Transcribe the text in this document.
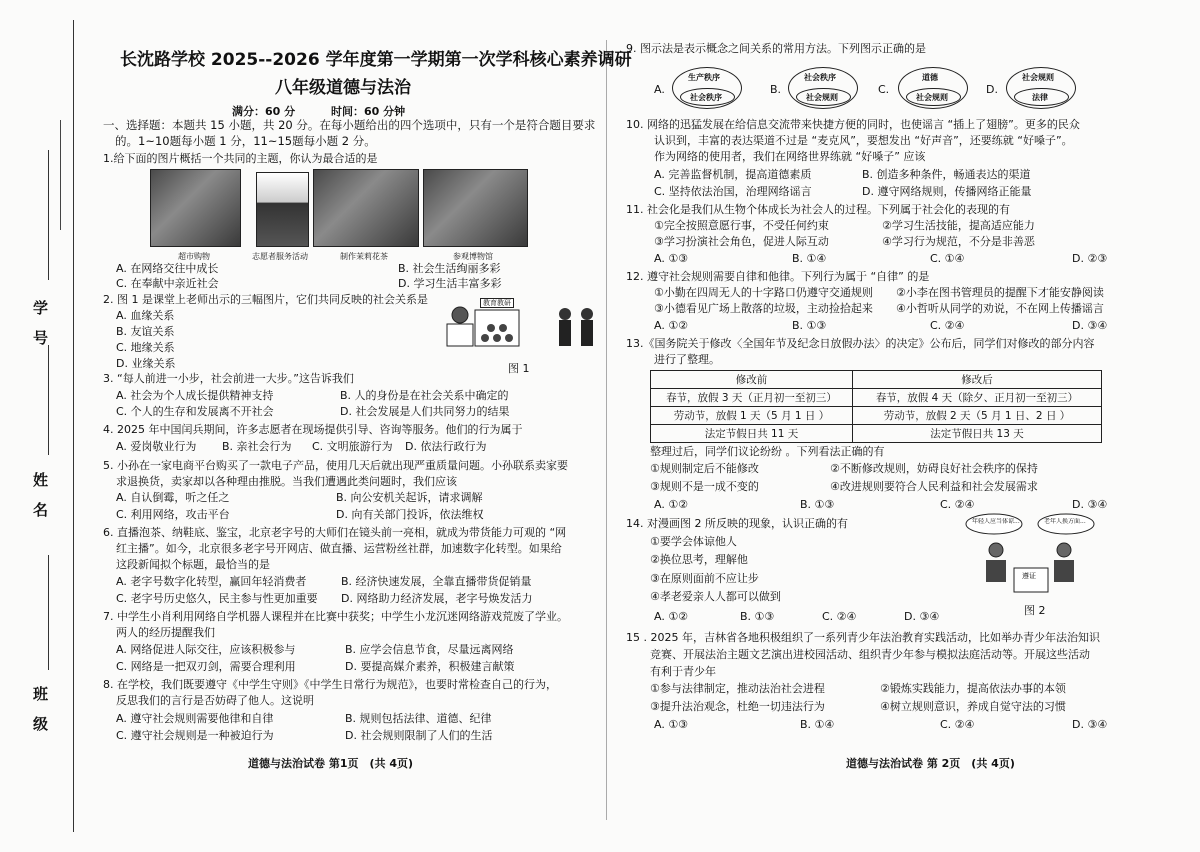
学　号
姓　名
班　级
长沈路学校 2025--2026 学年度第一学期第一次学科核心素养调研
八年级道德与法治
满分：60 分	时间：60 分钟
一、选择题：本题共 15 小题，共 20 分。在每小题给出的四个选项中，只有一个是符合题目要求
的。1~10题每小题 1 分，11~15题每小题 2 分。
1.给下面的图片概括一个共同的主题，你认为最合适的是
超市购物	志愿者服务活动	制作茉莉花茶	参观博物馆
A. 在网络交往中成长	B. 社会生活绚丽多彩
C. 在奉献中亲近社会	D. 学习生活丰富多彩
2. 图 1 是课堂上老师出示的三幅图片，它们共同反映的社会关系是
A. 血缘关系
B. 友谊关系
C. 地缘关系
D. 业缘关系
教育教研
图 1
3. “每人前进一小步，社会前进一大步。”这告诉我们
A. 社会为个人成长提供精神支持	B. 人的身份是在社会关系中确定的
C. 个人的生存和发展离不开社会	D. 社会发展是人们共同努力的结果
4. 2025 年中国闰兵期间，许多志愿者在现场提供引导、咨询等服务。他们的行为属于
A. 爱岗敬业行为 B. 亲社会行为 C. 文明旅游行为 D. 依法行政行为
5. 小孙在一家电商平台购买了一款电子产品，使用几天后就出现严重质量问题。小孙联系卖家要
求退换货，卖家却以各种理由推脱。当我们遭遇此类问题时，我们应该
A. 自认倒霉，听之任之	B. 向公安机关起诉，请求调解
C. 利用网络，攻击平台	D. 向有关部门投诉，依法维权
6. 直播泡茶、纳鞋底、鉴宝，北京老字号的大师们在镜头前一亮相，就成为带货能力可观的 “网
红主播”。如今，北京很多老字号开网店、做直播、运营粉丝社群，加速数字化转型。如果给
这段新闻拟个标题，最恰当的是
A. 老字号数字化转型，赢回年轻消费者	B. 经济快速发展，全靠直播带货促销量
C. 老字号历史悠久，民主参与性更加重要 D. 网络助力经济发展，老字号焕发活力
7. 中学生小肖利用网络自学机器人课程并在比赛中获奖；中学生小龙沉迷网络游戏荒废了学业。
两人的经历提醒我们
A. 网络促进人际交往，应该积极参与	B. 应学会信息节食，尽量远离网络
C. 网络是一把双刃剑，需要合理利用	D. 要提高媒介素养，积极建言献策
8. 在学校，我们既要遵守《中学生守则》《中学生日常行为规范》，也要时常检查自己的行为，
反思我们的言行是否妨碍了他人。这说明
A. 遵守社会规则需要他律和自律	B. 规则包括法律、道德、纪律
C. 遵守社会规则是一种被迫行为	D. 社会规则限制了人们的生活
道德与法治试卷 第1页　(共 4页)
9. 图示法是表示概念之间关系的常用方法。下列图示正确的是
A.
生产秩序
社会秩序
B.
社会秩序
社会规则
C.
道德
社会规则
D.
社会规则
法律
10. 网络的迅猛发展在给信息交流带来快捷方便的同时，也使谣言 “插上了翅膀”。更多的民众
认识到，丰富的表达渠道不过是 “麦克风”，要想发出 “好声音”，还要练就 “好嗓子”。
作为网络的使用者，我们在网络世界练就 “好嗓子” 应该
A. 完善监督机制，提高道德素质	B. 创造多种条件，畅通表达的渠道
C. 坚持依法治国，治理网络谣言	D. 遵守网络规则，传播网络正能量
11. 社会化是我们从生物个体成长为社会人的过程。下列属于社会化的表现的有
①完全按照意愿行事，不受任何约束	②学习生活技能，提高适应能力
③学习扮演社会角色，促进人际互动	④学习行为规范，不分是非善恶
A. ①③	B. ①④	C. ①④	D. ②③
12. 遵守社会规则需要自律和他律。下列行为属于 “自律” 的是
①小勤在四周无人的十字路口仍遵守交通规则 ②小李在图书管理员的提醒下才能安静阅读
③小德看见广场上散落的垃圾，主动捡拾起来 ④小哲听从同学的劝说，不在网上传播谣言
A. ①②	B. ①③	C. ②④	D. ③④
13.《国务院关于修改〈全国年节及纪念日放假办法〉的决定》公布后，同学们对修改的部分内容
进行了整理。
修改前	修改后
春节，放假 3 天（正月初一至初三）	春节，放假 4 天（除夕、正月初一至初三）
劳动节，放假 1 天（5 月 1 日 ）	劳动节，放假 2 天（5 月 1 日、2 日 ）
法定节假日共 11 天	法定节假日共 13 天
整理过后，同学们议论纷纷 。下列看法正确的有
①规则制定后不能修改	②不断修改规则，妨碍良好社会秩序的保持
③规则不是一成不变的	④改进规则要符合人民利益和社会发展需求
A. ①②	B. ①③	C. ②④	D. ③④
14. 对漫画图 2 所反映的现象，认识正确的有
①要学会体谅他人
②换位思考，理解他
③在原则面前不应让步
④孝老爱亲人人都可以做到
A. ①②	B. ①③	C. ②④	D. ③④
年轻人应当体谅...	老年人换方面...
遵证
图 2
15 . 2025 年，吉林省各地积极组织了一系列青少年法治教育实践活动，比如举办青少年法治知识
竞赛、开展法治主题文艺演出进校园活动、组织青少年参与模拟法庭活动等。开展这些活动
有利于青少年
①参与法律制定，推动法治社会进程	②锻炼实践能力，提高依法办事的本领
③提升法治观念，杜绝一切违法行为	④树立规则意识，养成自觉守法的习惯
A. ①③	B. ①④	C. ②④	D. ③④
道德与法治试卷 第 2页　(共 4页)
